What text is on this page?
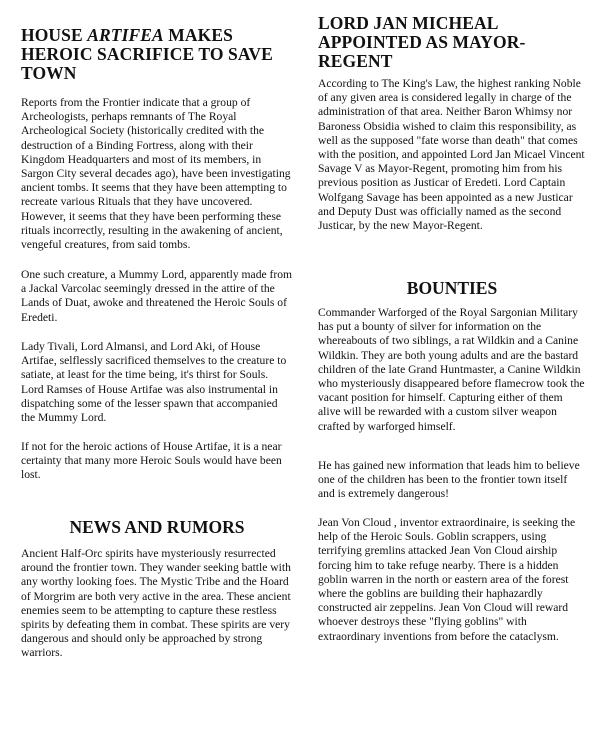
HOUSE ARTIFEA MAKES HEROIC SACRIFICE TO SAVE TOWN

Reports from the Frontier indicate that a group of Archeologists, perhaps remnants of The Royal Archeological Society (historically credited with the destruction of a Binding Fortress, along with their Kingdom Headquarters and most of its members, in Sargon City several decades ago), have been investigating ancient tombs. It seems that they have been attempting to recreate various Rituals that they have uncovered. However, it seems that they have been performing these rituals incorrectly, resulting in the awakening of ancient, vengeful creatures, from said tombs.

One such creature, a Mummy Lord, apparently made from a Jackal Varcolac seemingly dressed in the attire of the Lands of Duat, awoke and threatened the Heroic Souls of Eredeti.

Lady Tivali, Lord Almansi, and Lord Aki, of House Artifae, selflessly sacrificed themselves to the creature to satiate, at least for the time being, it's thirst for Souls. Lord Ramses of House Artifae was also instrumental in dispatching some of the lesser spawn that accompanied the Mummy Lord.

If not for the heroic actions of House Artifae, it is a near certainty that many more Heroic Souls would have been lost.

NEWS AND RUMORS

Ancient Half-Orc spirits have mysteriously resurrected around the frontier town. They wander seeking battle with any worthy looking foes. The Mystic Tribe and the Hoard of Morgrim are both very active in the area. These ancient enemies seem to be attempting to capture these restless spirits by defeating them in combat. These spirits are very dangerous and should only be approached by strong warriors.

LORD JAN MICHEAL APPOINTED AS MAYOR-REGENT

According to The King's Law, the highest ranking Noble of any given area is considered legally in charge of the administration of that area. Neither Baron Whimsy nor Baroness Obsidia wished to claim this responsibility, as well as the supposed "fate worse than death" that comes with the position, and appointed Lord Jan Micael Vincent Savage V as Mayor-Regent, promoting him from his previous position as Justicar of Eredeti. Lord Captain Wolfgang Savage has been appointed as a new Justicar and Deputy Dust was officially named as the second Justicar, by the new Mayor-Regent.

BOUNTIES

Commander Warforged of the Royal Sargonian Military has put a bounty of silver for information on the whereabouts of two siblings, a rat Wildkin and a Canine Wildkin. They are both young adults and are the bastard children of the late Grand Huntmaster, a Canine Wildkin who mysteriously disappeared before flamecrow took the vacant position for himself. Capturing either of them alive will be rewarded with a custom silver weapon crafted by warforged himself.

He has gained new information that leads him to believe one of the children has been to the frontier town itself and is extremely dangerous!

Jean Von Cloud , inventor extraordinaire, is seeking the help of the Heroic Souls. Goblin scrappers, using terrifying gremlins attacked Jean Von Cloud airship forcing him to take refuge nearby. There is a hidden goblin warren in the north or eastern area of the forest where the goblins are building their haphazardly constructed air zeppelins. Jean Von Cloud will reward whoever destroys these "flying goblins" with extraordinary inventions from before the cataclysm.
